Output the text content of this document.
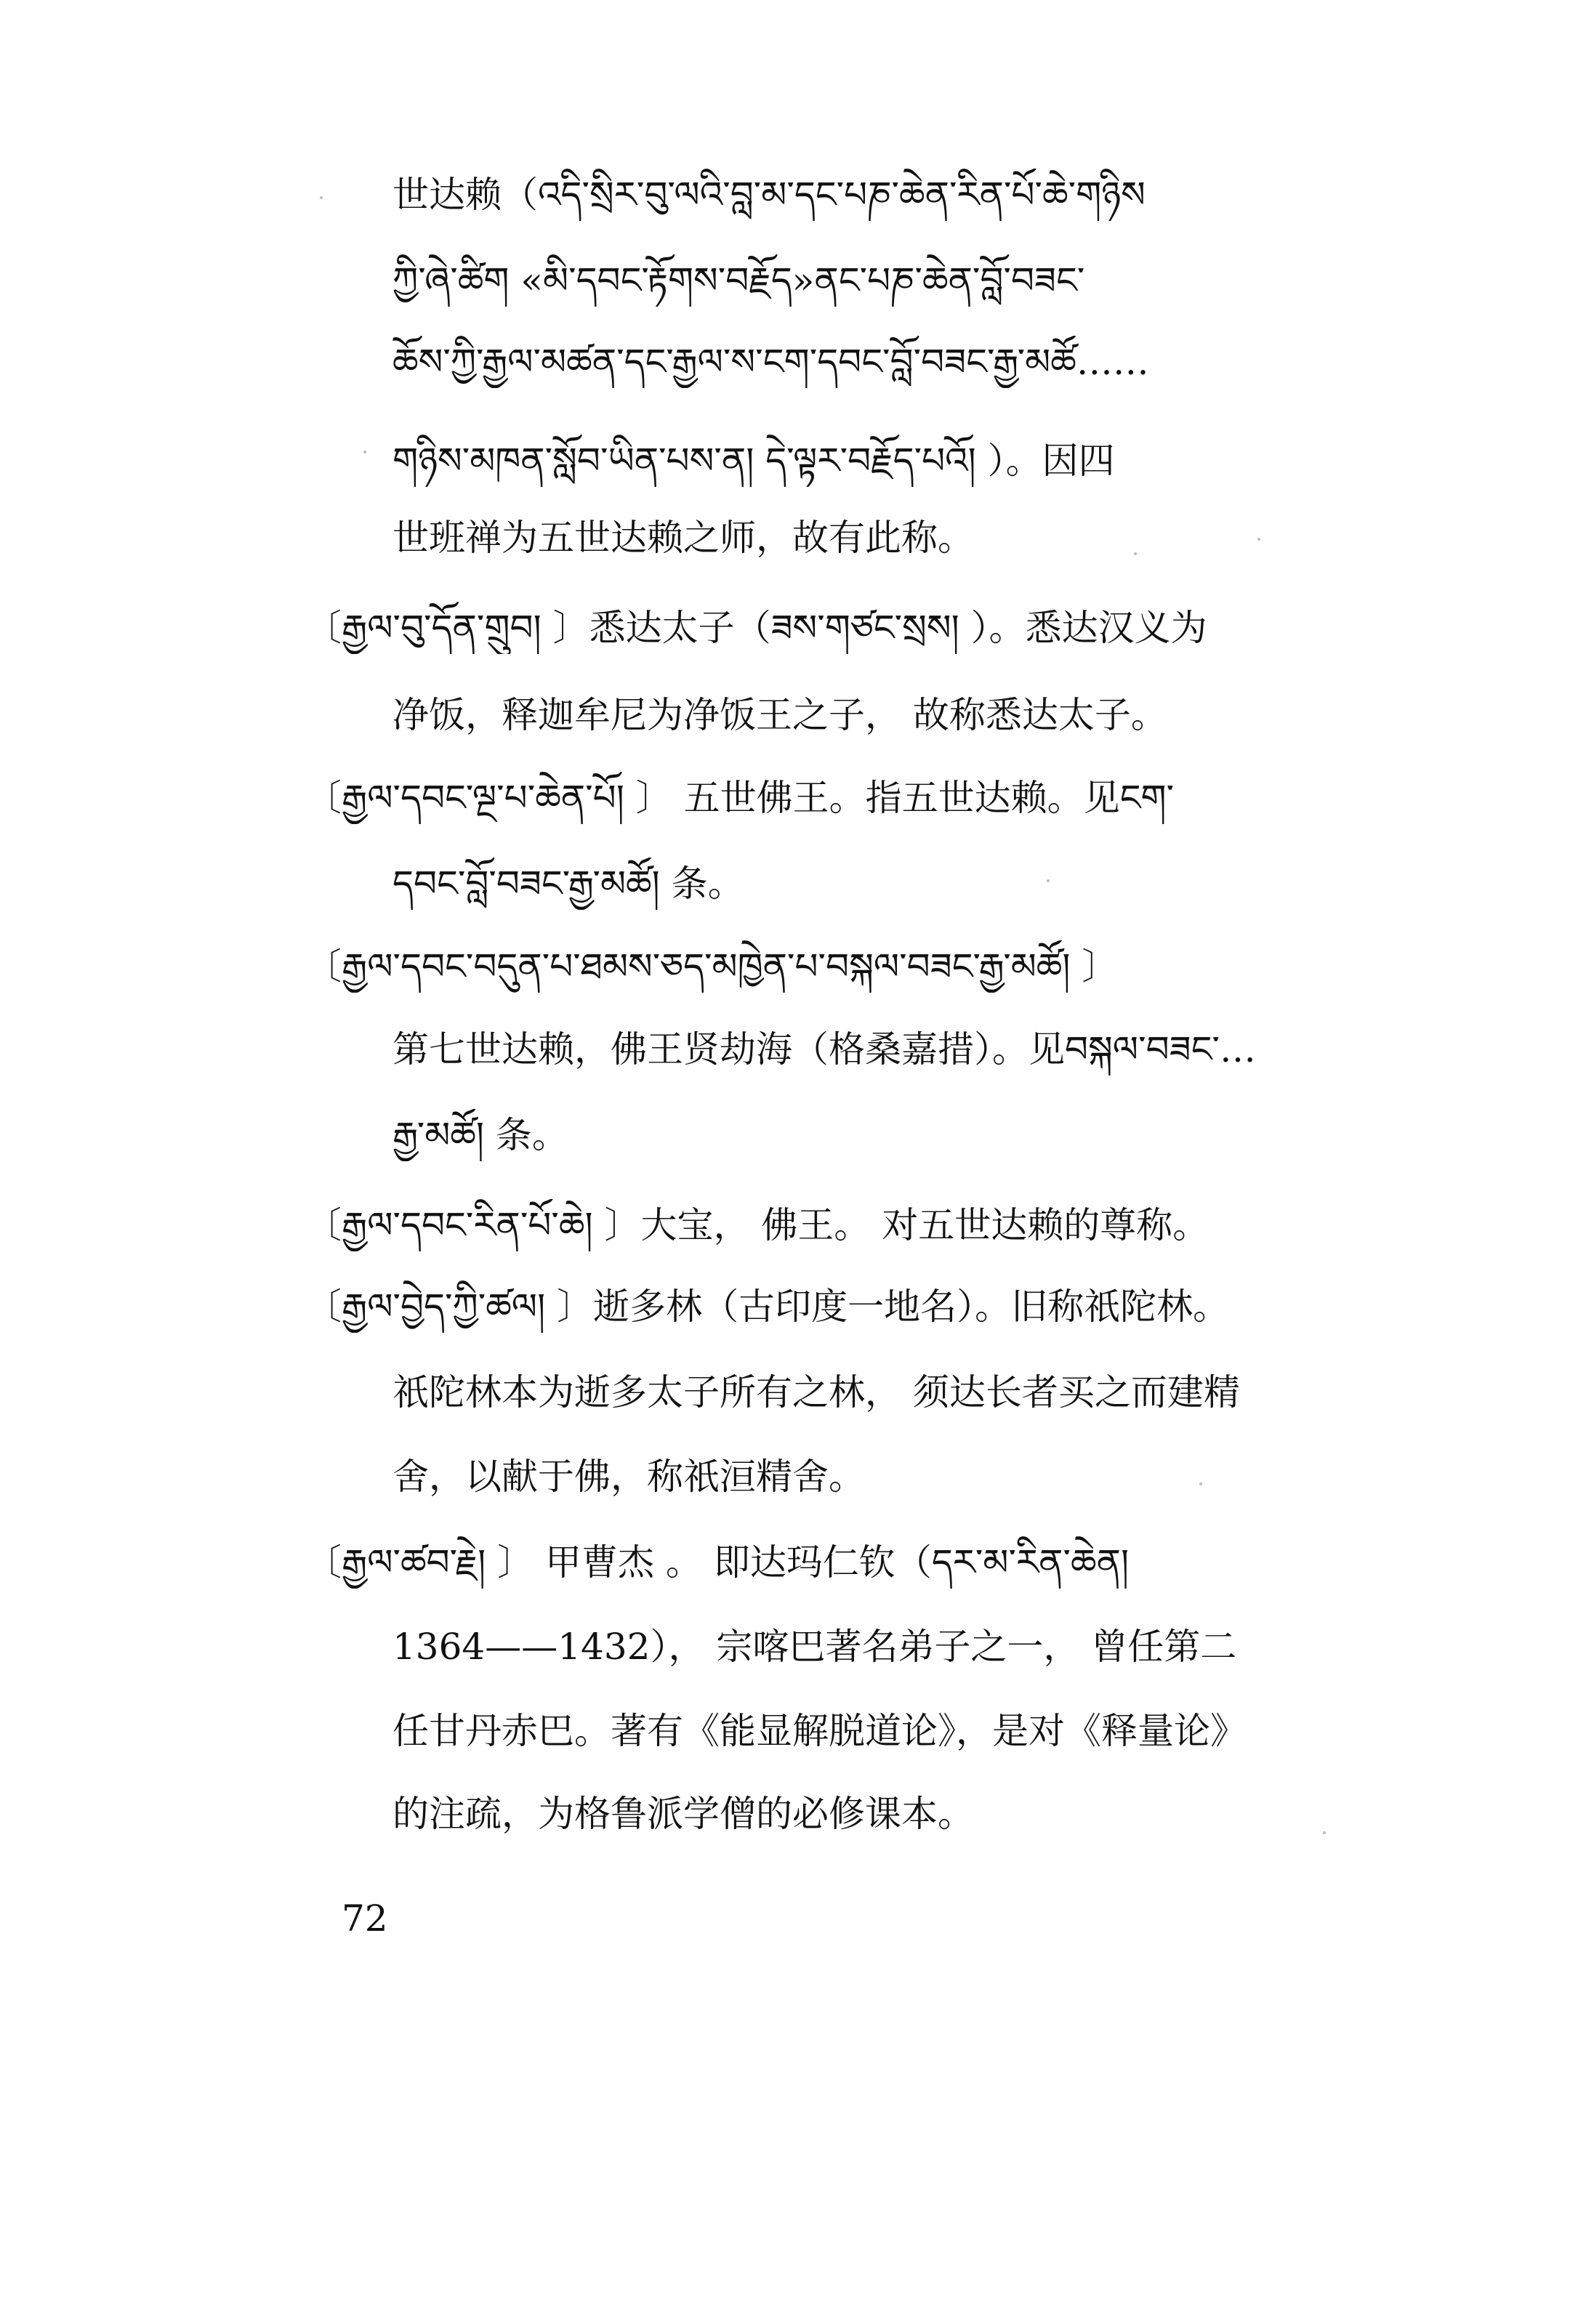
世达赖（འདི་སྲིར་བུ་ལའི་བླ་མ་དང་པཎ་ཆེན་རིན་པོ་ཆེ་གཉིས
ཀྱི་ཞེ་ཚིག «མི་དབང་རྟོགས་བརྗོད»ནང་པཎ་ཆེན་བློ་བཟང་
ཆོས་ཀྱི་རྒྱལ་མཚན་དང་རྒྱལ་ས་ངག་དབང་བློ་བཟང་རྒྱ་མཚོ……
གཉིས་མཁན་སློབ་ཡིན་པས་ན། དེ་ལྟར་བརྗོད་པའོ། ）。因四
世班禅为五世达赖之师，故有此称。
〔རྒྱལ་བུ་དོན་གྲུབ། 〕悉达太子（ཟས་གཙང་སྲས། ）。悉达汉义为
净饭，释迦牟尼为净饭王之子， 故称悉达太子。
〔རྒྱལ་དབང་ལྔ་པ་ཆེན་པོ། 〕 五世佛王。指五世达赖。见ངག་
དབང་བློ་བཟང་རྒྱ་མཚོ། 条。
〔རྒྱལ་དབང་བདུན་པ་ཐམས་ཅད་མཁྱེན་པ་བསྐལ་བཟང་རྒྱ་མཚོ། 〕
第七世达赖，佛王贤劫海（格桑嘉措）。见བསྐལ་བཟང་…
རྒྱ་མཚོ། 条。
〔རྒྱལ་དབང་རིན་པོ་ཆེ། 〕大宝， 佛王。 对五世达赖的尊称。
〔རྒྱལ་བྱེད་ཀྱི་ཚལ། 〕逝多林（古印度一地名）。旧称祇陀林。
祇陀林本为逝多太子所有之林， 须达长者买之而建精
舍，以献于佛，称祇洹精舍。
〔རྒྱལ་ཚབ་རྗེ། 〕 甲曹杰 。 即达玛仁钦（དར་མ་རིན་ཆེན།
1364——1432）， 宗喀巴著名弟子之一， 曾任第二
任甘丹赤巴。著有《能显解脱道论》，是对《释量论》
的注疏，为格鲁派学僧的必修课本。
72
